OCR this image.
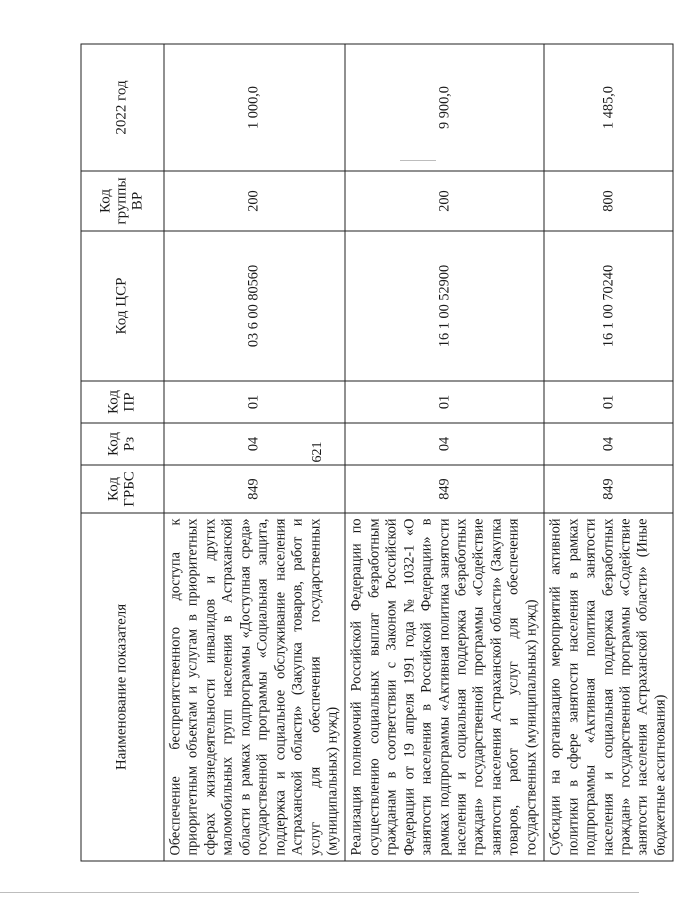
621
Наименование показателя	Код ГРБС	Код Рз	Код ПР	Код ЦСР	Код группы ВР	2022 год
Обеспечение беспрепятственного доступа к приоритетным объектам и услугам в приоритетных сферах жизнедеятельности инвалидов и других маломобильных групп населения в Астраханской области в рамках подпрограммы «Доступная среда» государственной программы «Социальная защита, поддержка и социальное обслуживание населения Астраханской области» (Закупка товаров, работ и услуг для обеспечения государственных (муниципальных) нужд)	849	04	01	03 6 00 80560	200	1 000,0
Реализация полномочий Российской Федерации по осуществлению социальных выплат безработным гражданам в соответствии с Законом Российской Федерации от 19 апреля 1991 года № 1032-1 «О занятости населения в Российской Федерации» в рамках подпрограммы «Активная политика занятости населения и социальная поддержка безработных граждан» государственной программы «Содействие занятости населения Астраханской области» (Закупка товаров, работ и услуг для обеспечения государственных (муниципальных) нужд)	849	04	01	16 1 00 52900	200	9 900,0
Субсидии на организацию мероприятий активной политики в сфере занятости населения в рамках подпрограммы «Активная политика занятости населения и социальная поддержка безработных граждан» государственной программы «Содействие занятости населения Астраханской области» (Иные бюджетные ассигнования)	849	04	01	16 1 00 70240	800	1 485,0
